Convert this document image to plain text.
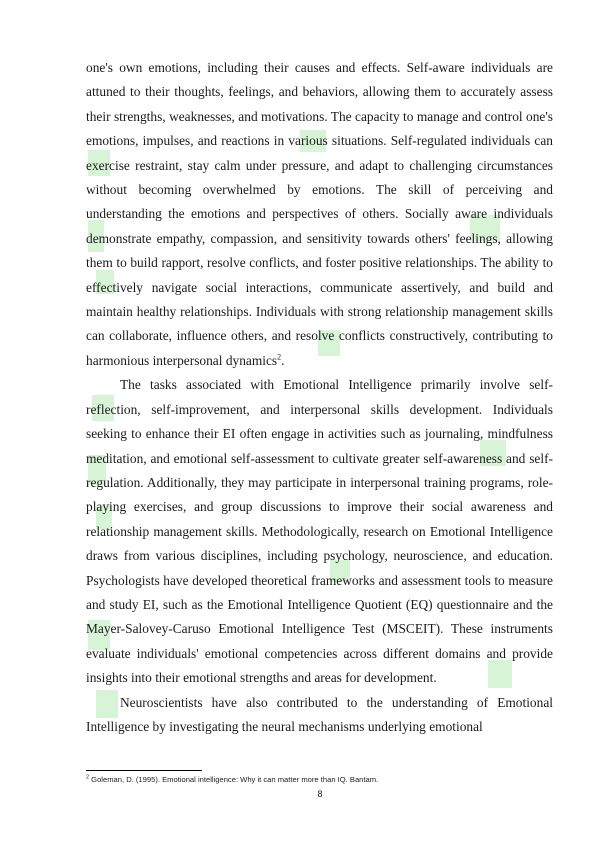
one's own emotions, including their causes and effects. Self-aware individuals are attuned to their thoughts, feelings, and behaviors, allowing them to accurately assess their strengths, weaknesses, and motivations. The capacity to manage and control one's emotions, impulses, and reactions in various situations. Self-regulated individuals can exercise restraint, stay calm under pressure, and adapt to challenging circumstances without becoming overwhelmed by emotions. The skill of perceiving and understanding the emotions and perspectives of others. Socially aware individuals demonstrate empathy, compassion, and sensitivity towards others' feelings, allowing them to build rapport, resolve conflicts, and foster positive relationships. The ability to effectively navigate social interactions, communicate assertively, and build and maintain healthy relationships. Individuals with strong relationship management skills can collaborate, influence others, and resolve conflicts constructively, contributing to harmonious interpersonal dynamics$^2$.

The tasks associated with Emotional Intelligence primarily involve self-reflection, self-improvement, and interpersonal skills development. Individuals seeking to enhance their EI often engage in activities such as journaling, mindfulness meditation, and emotional self-assessment to cultivate greater self-awareness and self-regulation. Additionally, they may participate in interpersonal training programs, role-playing exercises, and group discussions to improve their social awareness and relationship management skills. Methodologically, research on Emotional Intelligence draws from various disciplines, including psychology, neuroscience, and education. Psychologists have developed theoretical frameworks and assessment tools to measure and study EI, such as the Emotional Intelligence Quotient (EQ) questionnaire and the Mayer-Salovey-Caruso Emotional Intelligence Test (MSCEIT). These instruments evaluate individuals' emotional competencies across different domains and provide insights into their emotional strengths and areas for development.

Neuroscientists have also contributed to the understanding of Emotional Intelligence by investigating the neural mechanisms underlying emotional

$^2$ Goleman, D. (1995). Emotional intelligence: Why it can matter more than IQ. Bantam.
8
